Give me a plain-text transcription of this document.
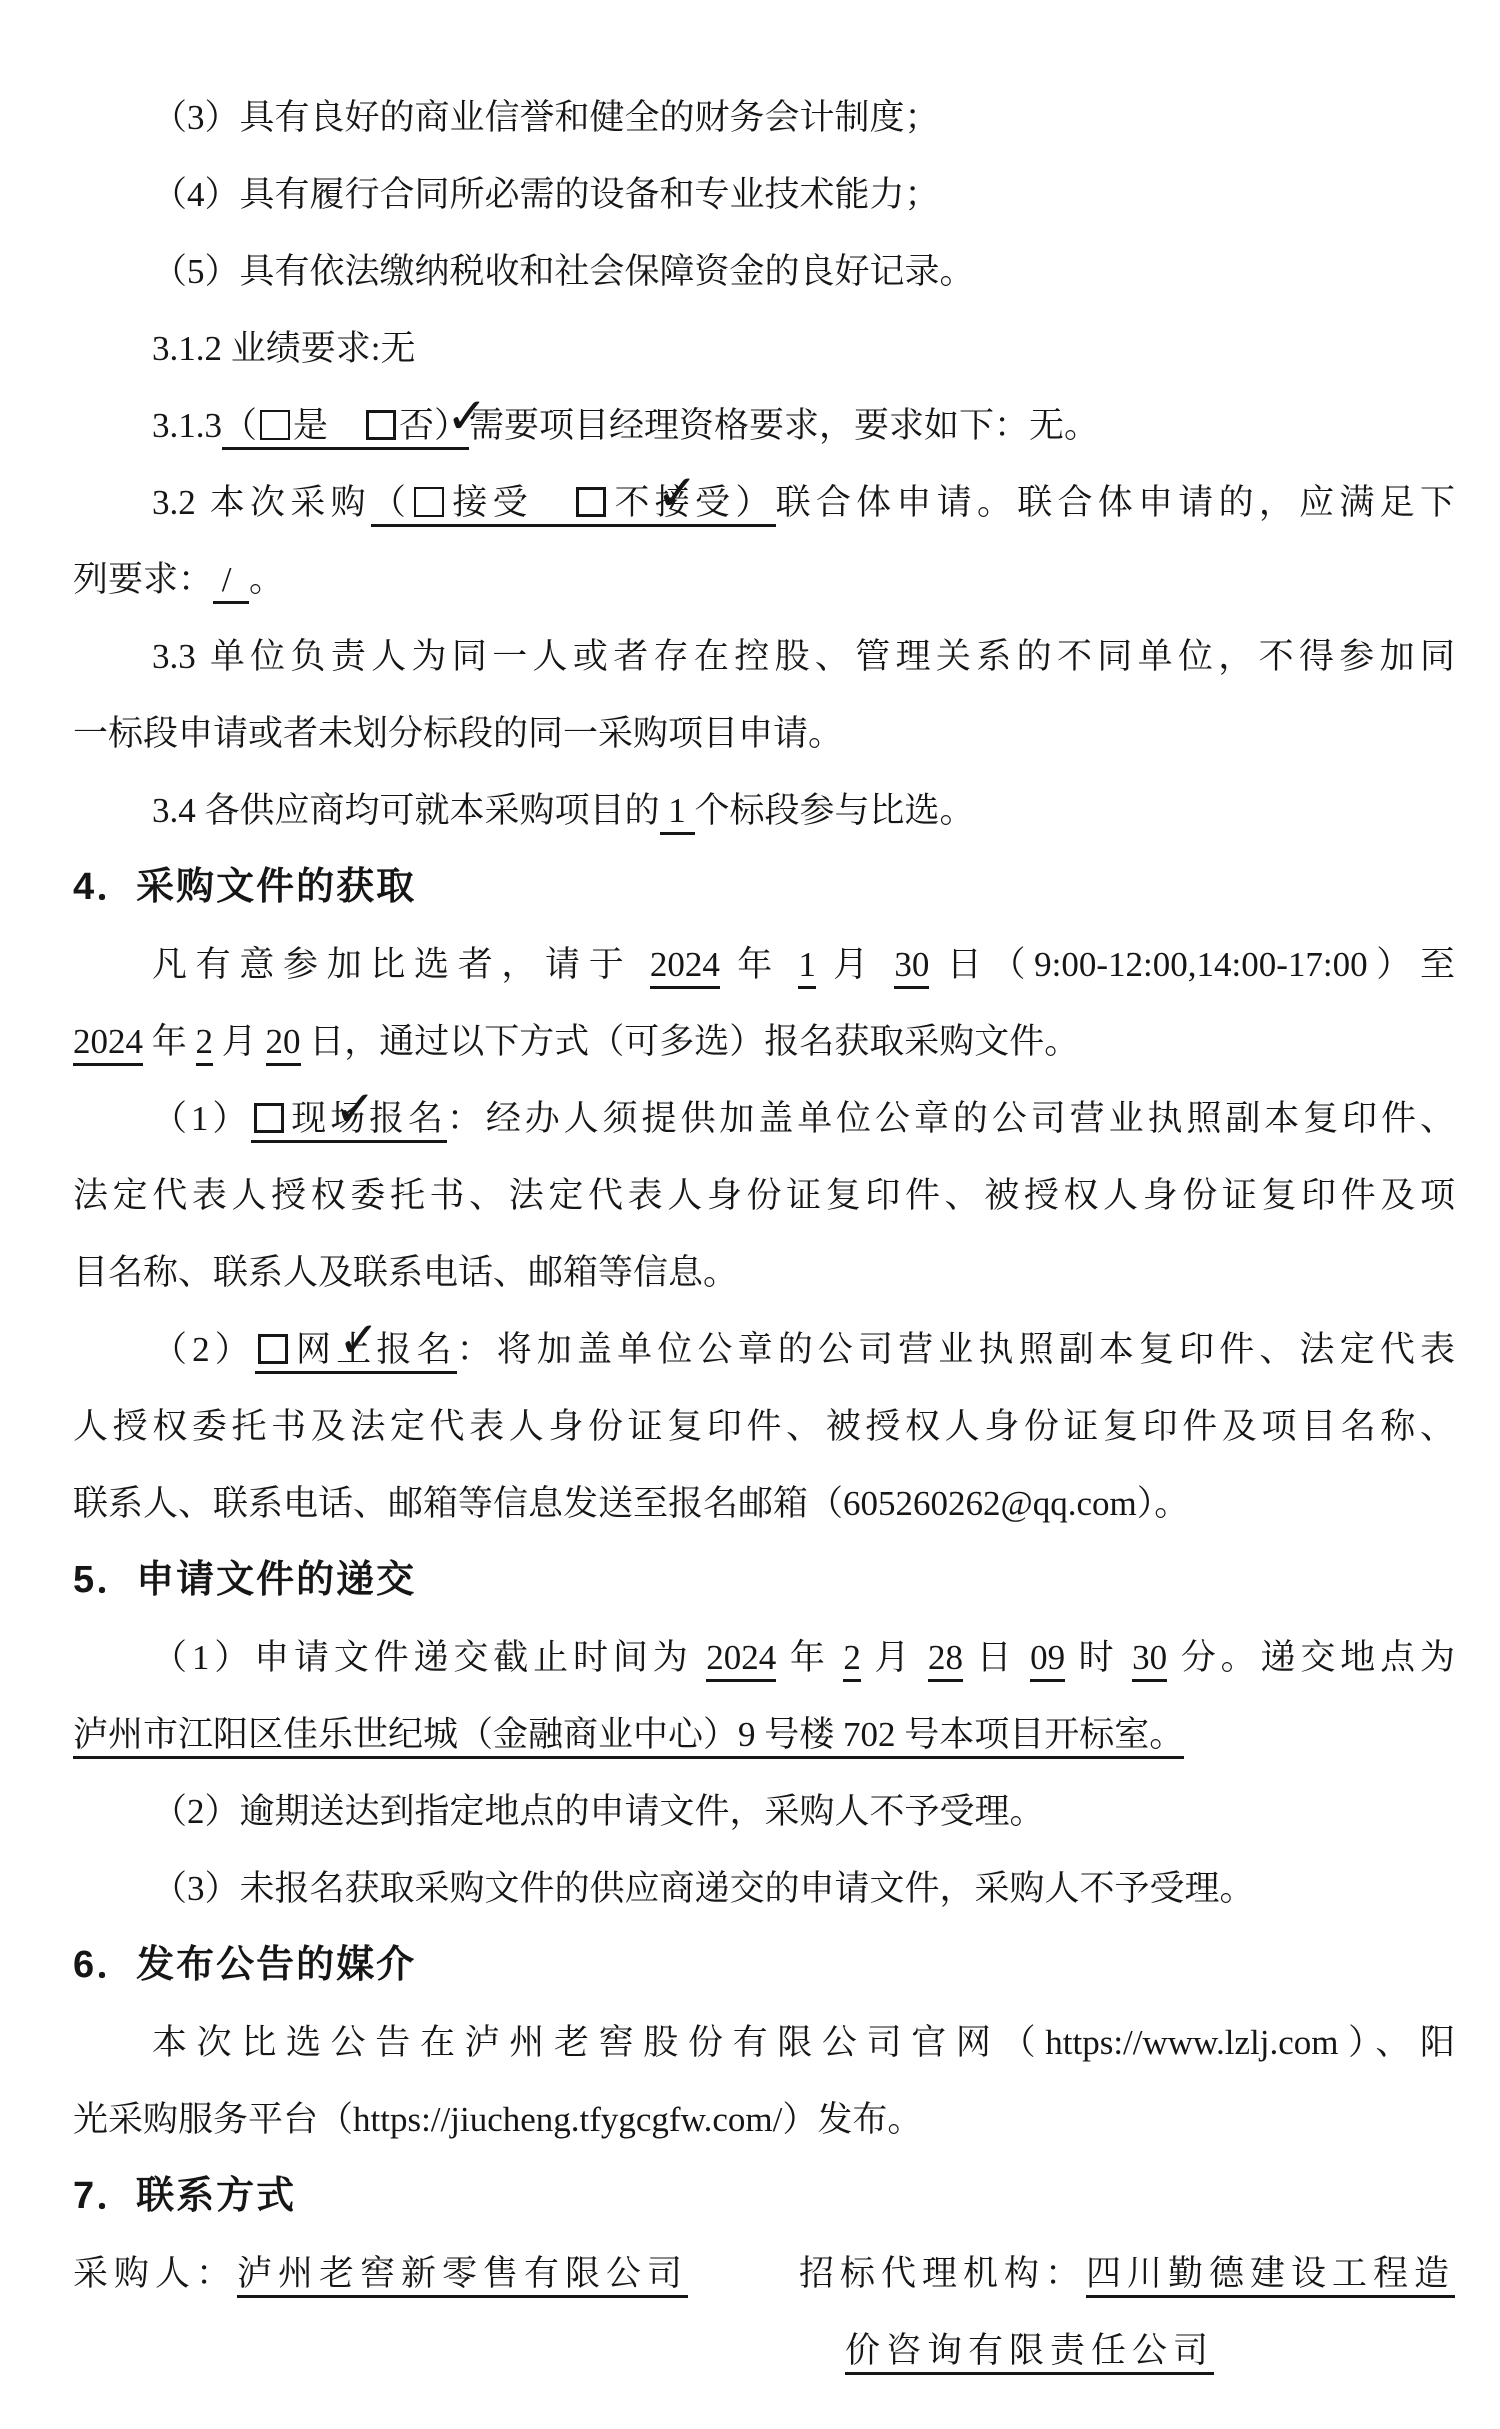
（3）具有良好的商业信誉和健全的财务会计制度；

（4）具有履行合同所必需的设备和专业技术能力；

（5）具有依法缴纳税收和社会保障资金的良好记录。

3.1.2 业绩要求:无

3.1.3（ 是　✓否）需要项目经理资格要求，要求如下：无。

3.2 本次采购（ 接受　✓不接受）联合体申请。联合体申请的，应满足下

列要求： /  。

3.3 单位负责人为同一人或者存在控股、管理关系的不同单位，不得参加同

一标段申请或者未划分标段的同一采购项目申请。

3.4 各供应商均可就本采购项目的 1 个标段参与比选。

4．采购文件的获取

凡有意参加比选者，请于 2024 年 1 月 30 日（9:00-12:00,14:00-17:00）至

2024 年 2 月 20 日，通过以下方式（可多选）报名获取采购文件。

（1） ✓ 现场报名：经办人须提供加盖单位公章的公司营业执照副本复印件、

法定代表人授权委托书、法定代表人身份证复印件、被授权人身份证复印件及项

目名称、联系人及联系电话、邮箱等信息。

（2） ✓ 网上报名：将加盖单位公章的公司营业执照副本复印件、法定代表

人授权委托书及法定代表人身份证复印件、被授权人身份证复印件及项目名称、

联系人、联系电话、邮箱等信息发送至报名邮箱（605260262@qq.com）。

5．申请文件的递交

（1）申请文件递交截止时间为 2024 年 2 月 28 日 09 时 30 分。递交地点为

泸州市江阳区佳乐世纪城（金融商业中心）9 号楼 702 号本项目开标室。

（2）逾期送达到指定地点的申请文件，采购人不予受理。

（3）未报名获取采购文件的供应商递交的申请文件，采购人不予受理。

6．发布公告的媒介

本次比选公告在泸州老窖股份有限公司官网（https://www.lzlj.com）、阳

光采购服务平台（https://jiucheng.tfygcgfw.com/）发布。

7．联系方式

采购人：泸州老窖新零售有限公司	招标代理机构：四川勤德建设工程造

价咨询有限责任公司
